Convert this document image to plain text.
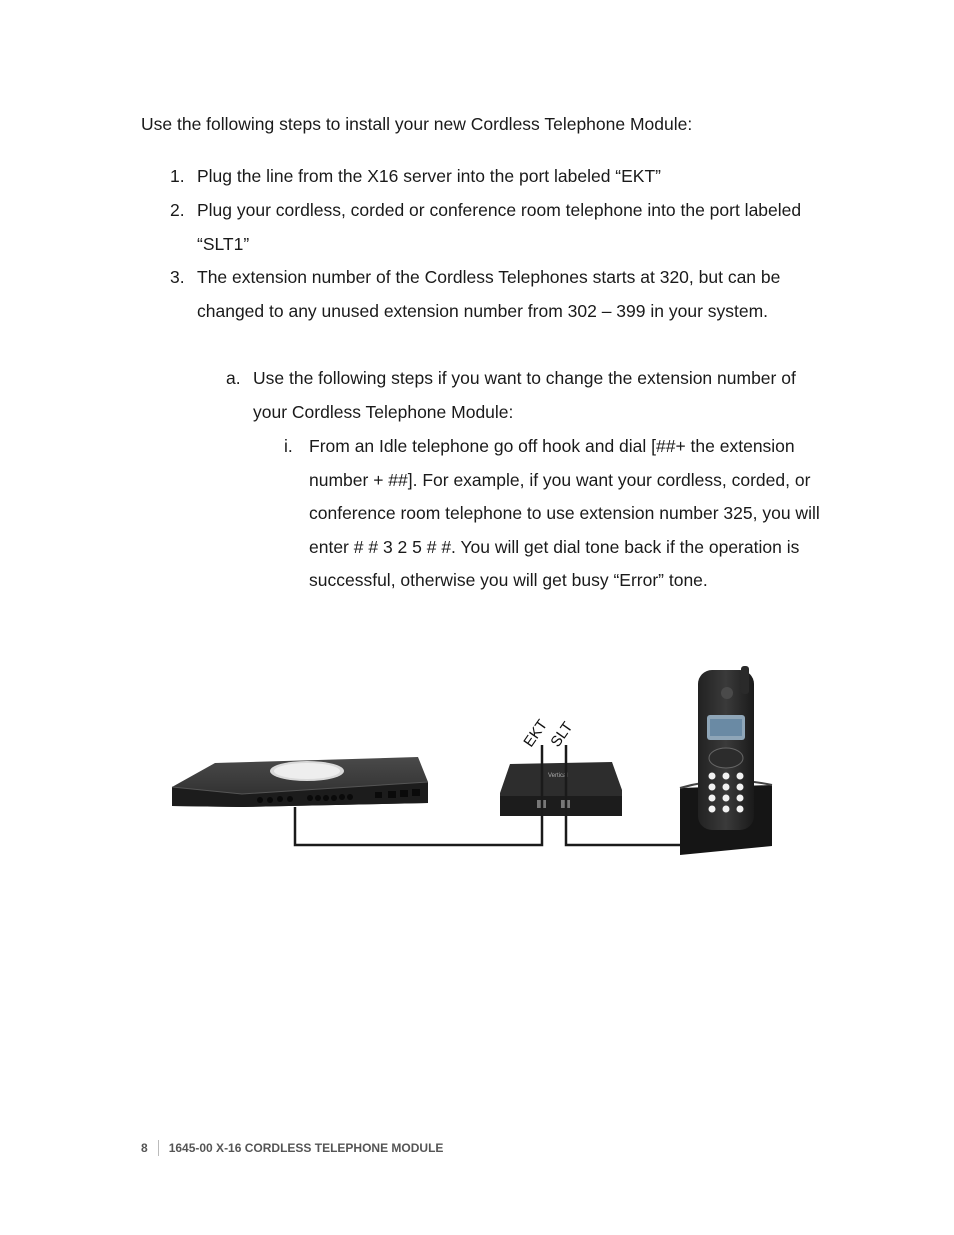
Use the following steps to install your new Cordless Telephone Module:
1. Plug the line from the X16 server into the port labeled “EKT”
2. Plug your cordless, corded or conference room telephone into the port labeled “SLT1”
3. The extension number of the Cordless Telephones starts at 320, but can be changed to any unused extension number from 302 – 399 in your system.
a. Use the following steps if you want to change the extension number of your Cordless Telephone Module:
i. From an Idle telephone go off hook and dial [##+ the extension number + ##]. For example, if you want your cordless, corded, or conference room telephone to use extension number 325, you will enter # # 3 2 5 # #. You will get dial tone back if the operation is successful, otherwise you will get busy “Error” tone.
Vertical
EKT
SLT
8 1645-00 X-16 CORDLESS TELEPHONE MODULE
